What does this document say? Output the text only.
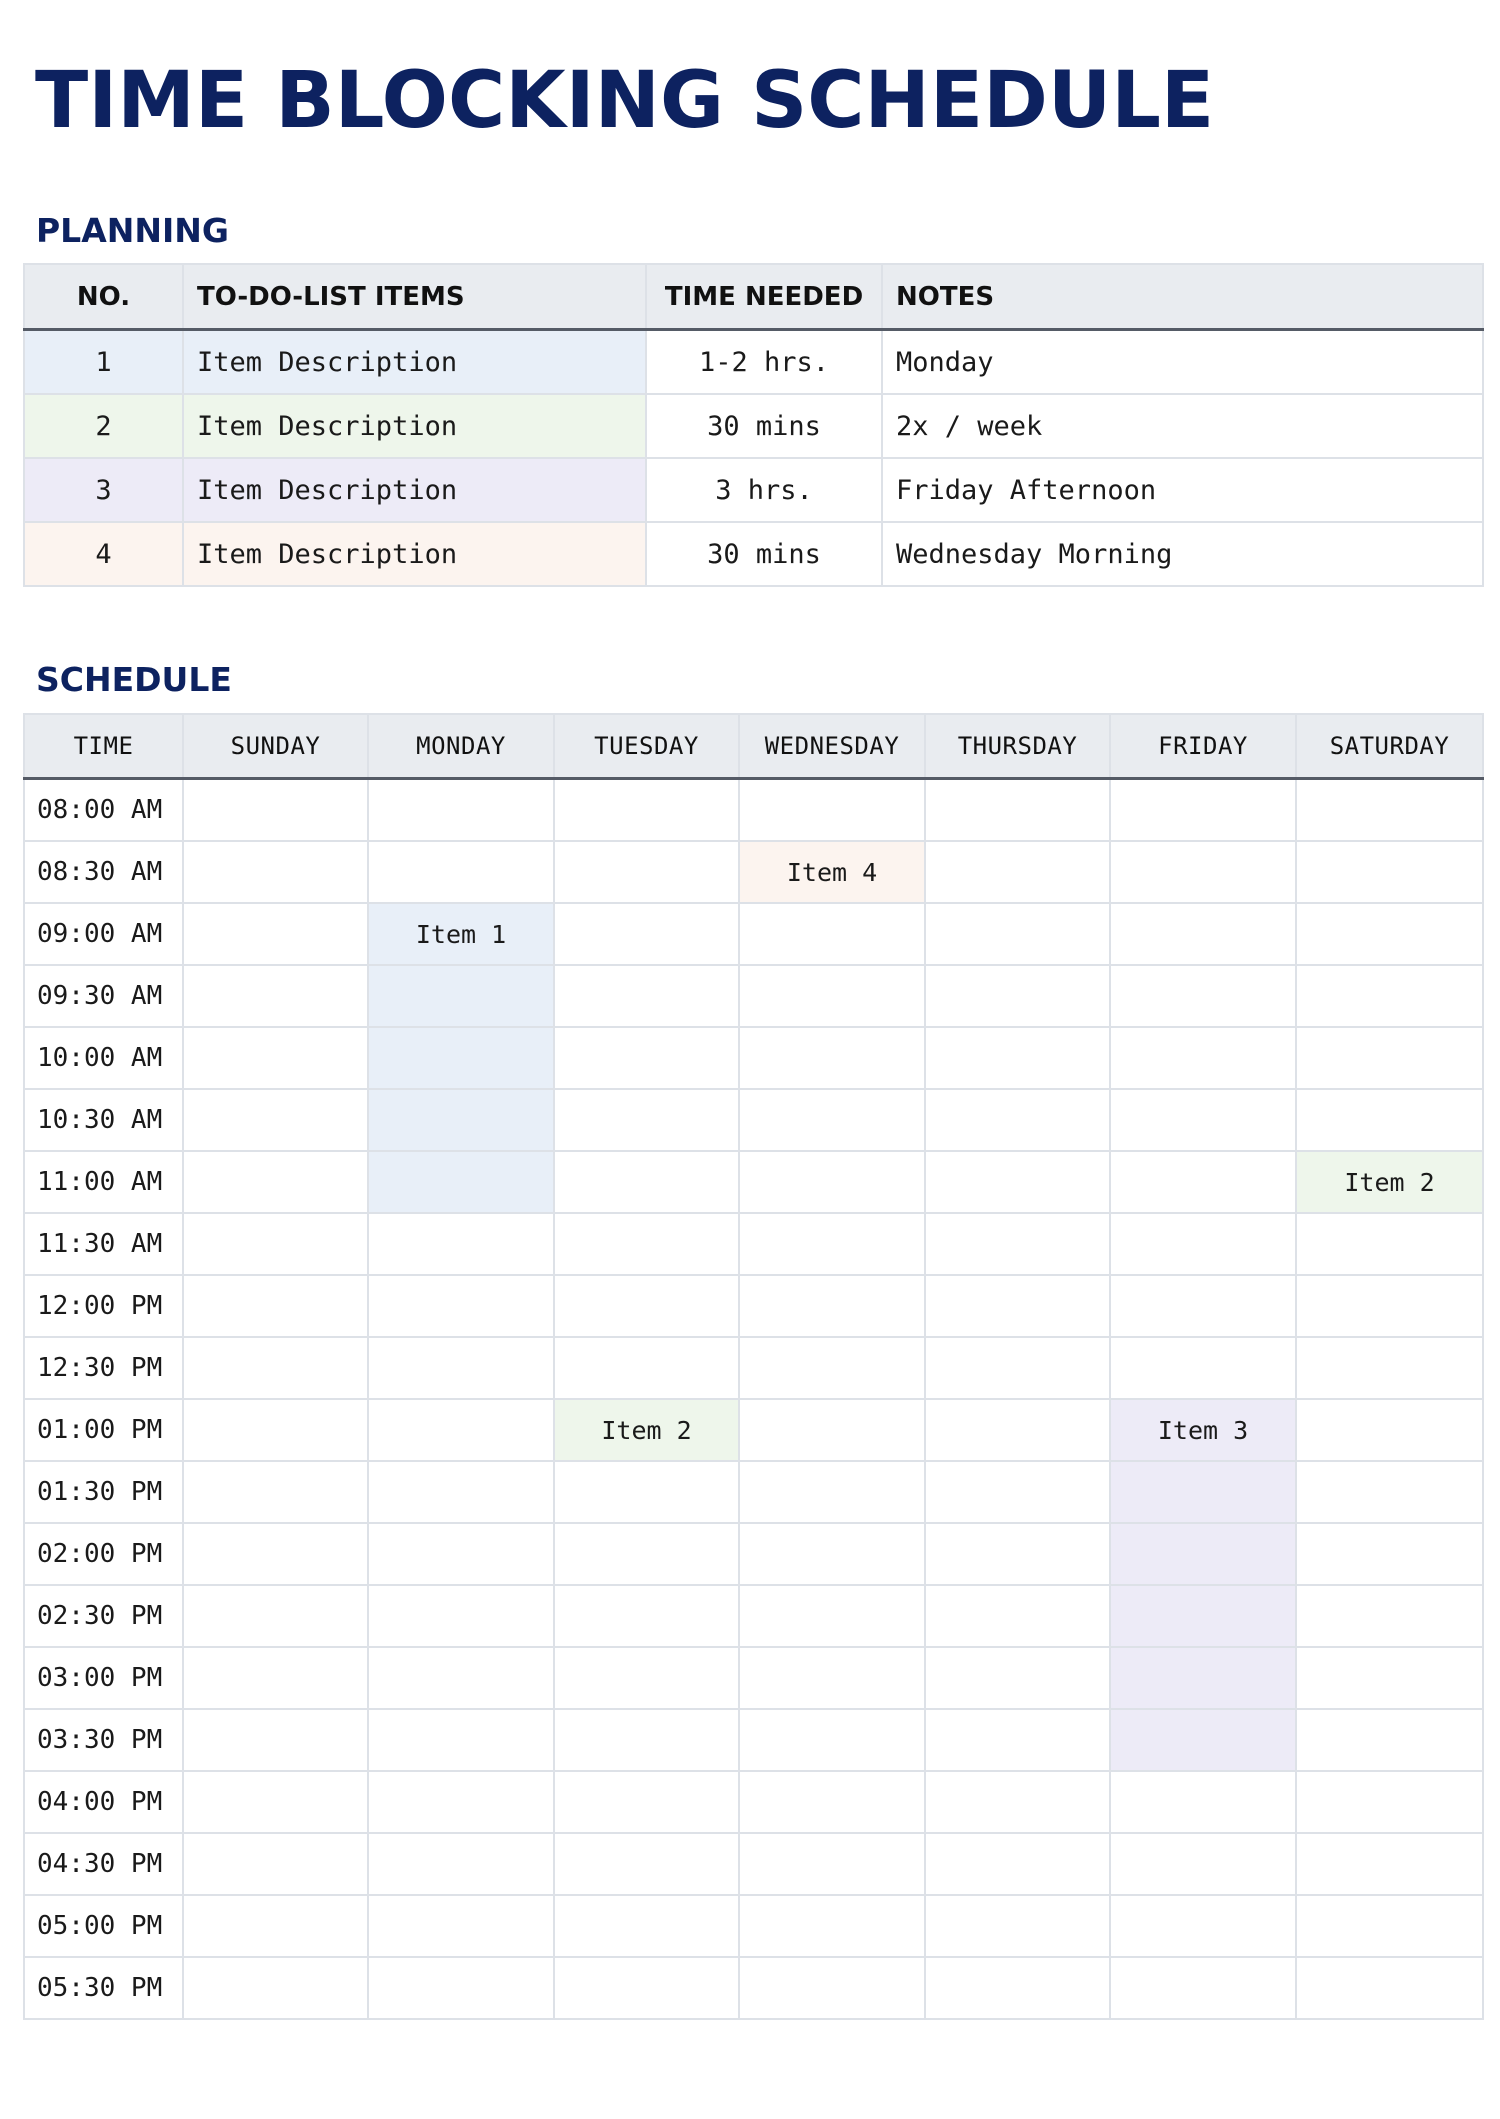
TIME BLOCKING SCHEDULE
PLANNING
NO.	TO-DO-LIST ITEMS	TIME NEEDED	NOTES
1	Item Description	1-2 hrs.	Monday
2	Item Description	30 mins	2x / week
3	Item Description	3 hrs.	Friday Afternoon
4	Item Description	30 mins	Wednesday Morning
SCHEDULE
TIME	SUNDAY	MONDAY	TUESDAY	WEDNESDAY	THURSDAY	FRIDAY	SATURDAY
08:00 AM							
08:30 AM				Item 4			
09:00 AM		Item 1					
09:30 AM							
10:00 AM							
10:30 AM							
11:00 AM							Item 2
11:30 AM							
12:00 PM							
12:30 PM							
01:00 PM			Item 2			Item 3	
01:30 PM							
02:00 PM							
02:30 PM							
03:00 PM							
03:30 PM							
04:00 PM							
04:30 PM							
05:00 PM							
05:30 PM							
